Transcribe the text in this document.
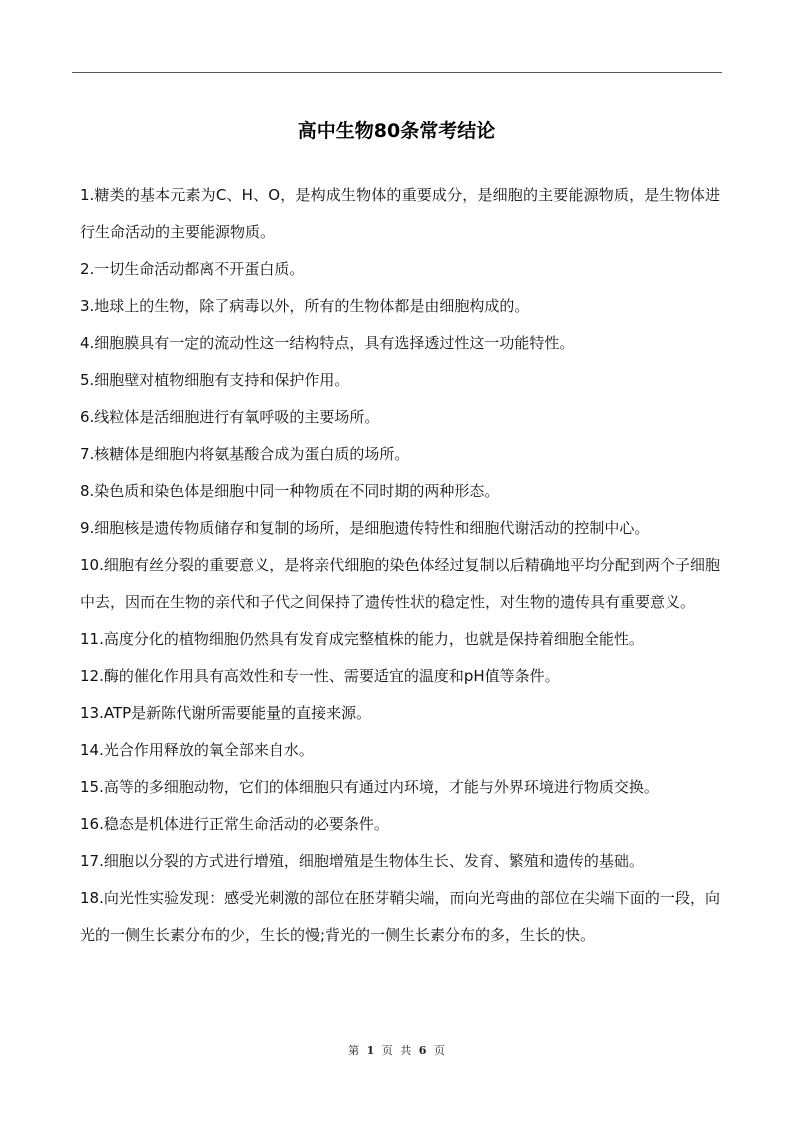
高中生物80条常考结论

1.糖类的基本元素为C、H、O，是构成生物体的重要成分，是细胞的主要能源物质，是生物体进行生命活动的主要能源物质。

2.一切生命活动都离不开蛋白质。

3.地球上的生物，除了病毒以外，所有的生物体都是由细胞构成的。

4.细胞膜具有一定的流动性这一结构特点，具有选择透过性这一功能特性。

5.细胞壁对植物细胞有支持和保护作用。

6.线粒体是活细胞进行有氧呼吸的主要场所。

7.核糖体是细胞内将氨基酸合成为蛋白质的场所。

8.染色质和染色体是细胞中同一种物质在不同时期的两种形态。

9.细胞核是遗传物质储存和复制的场所，是细胞遗传特性和细胞代谢活动的控制中心。

10.细胞有丝分裂的重要意义，是将亲代细胞的染色体经过复制以后精确地平均分配到两个子细胞中去，因而在生物的亲代和子代之间保持了遗传性状的稳定性，对生物的遗传具有重要意义。

11.高度分化的植物细胞仍然具有发育成完整植株的能力，也就是保持着细胞全能性。

12.酶的催化作用具有高效性和专一性、需要适宜的温度和pH值等条件。

13.ATP是新陈代谢所需要能量的直接来源。

14.光合作用释放的氧全部来自水。

15.高等的多细胞动物，它们的体细胞只有通过内环境，才能与外界环境进行物质交换。

16.稳态是机体进行正常生命活动的必要条件。

17.细胞以分裂的方式进行增殖，细胞增殖是生物体生长、发育、繁殖和遗传的基础。

18.向光性实验发现：感受光刺激的部位在胚芽鞘尖端，而向光弯曲的部位在尖端下面的一段，向光的一侧生长素分布的少，生长的慢;背光的一侧生长素分布的多，生长的快。

第 1 页 共 6 页
